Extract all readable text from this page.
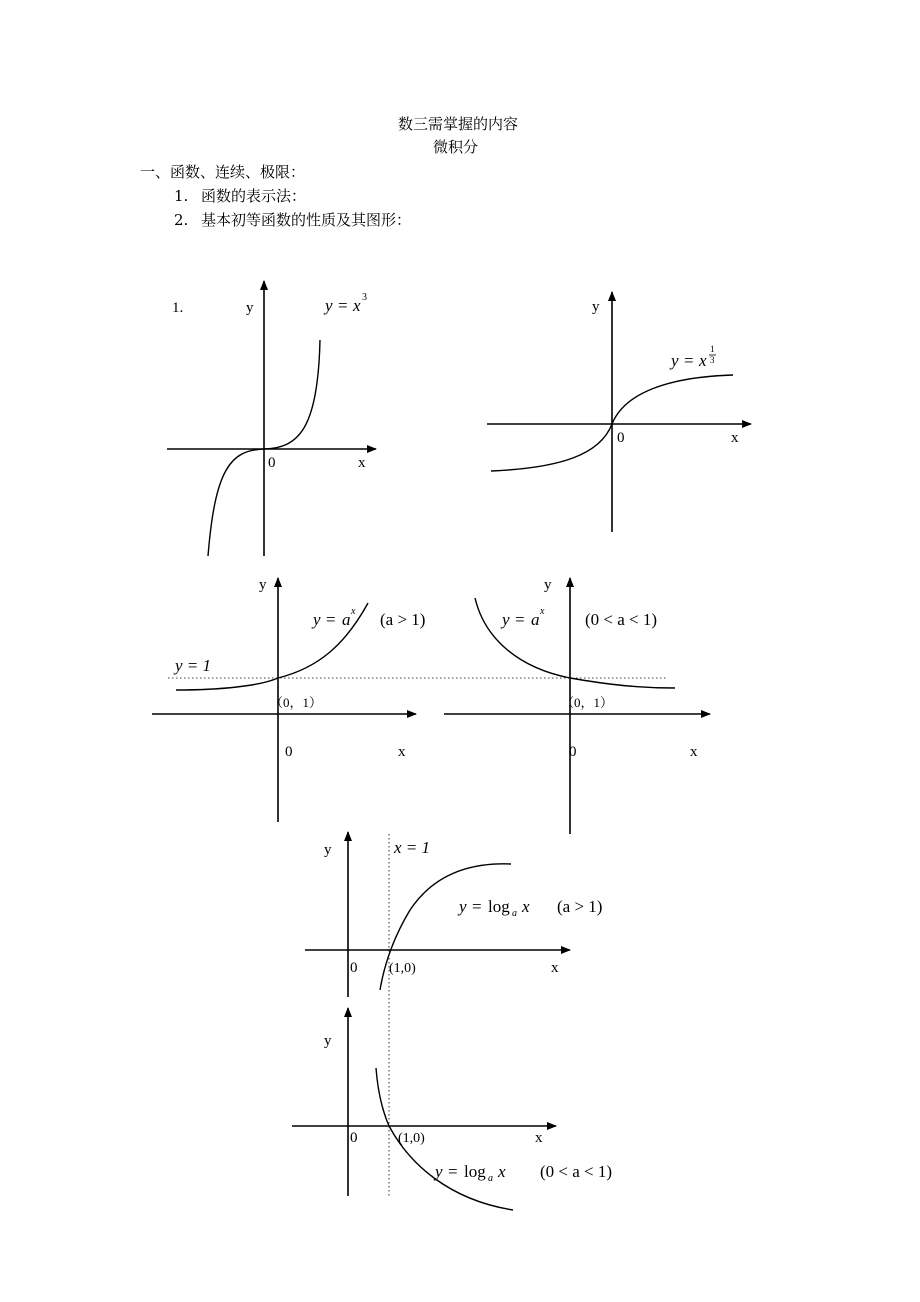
数三需掌握的内容
微积分
一、函数、连续、极限：
1. 函数的表示法：
2. 基本初等函数的性质及其图形：
1.	y
x
0
y = x 3
y
x
0
y = x
1
3
y
x
0
（0，1）
y = 1
y = a x (a > 1)
y
x
0
（0，1）
y = a x (0 < a < 1)
y
x
0 (1,0)
x = 1
y = log a x (a > 1)
y
x
0	(1,0)
y = log a x (0 < a < 1)
